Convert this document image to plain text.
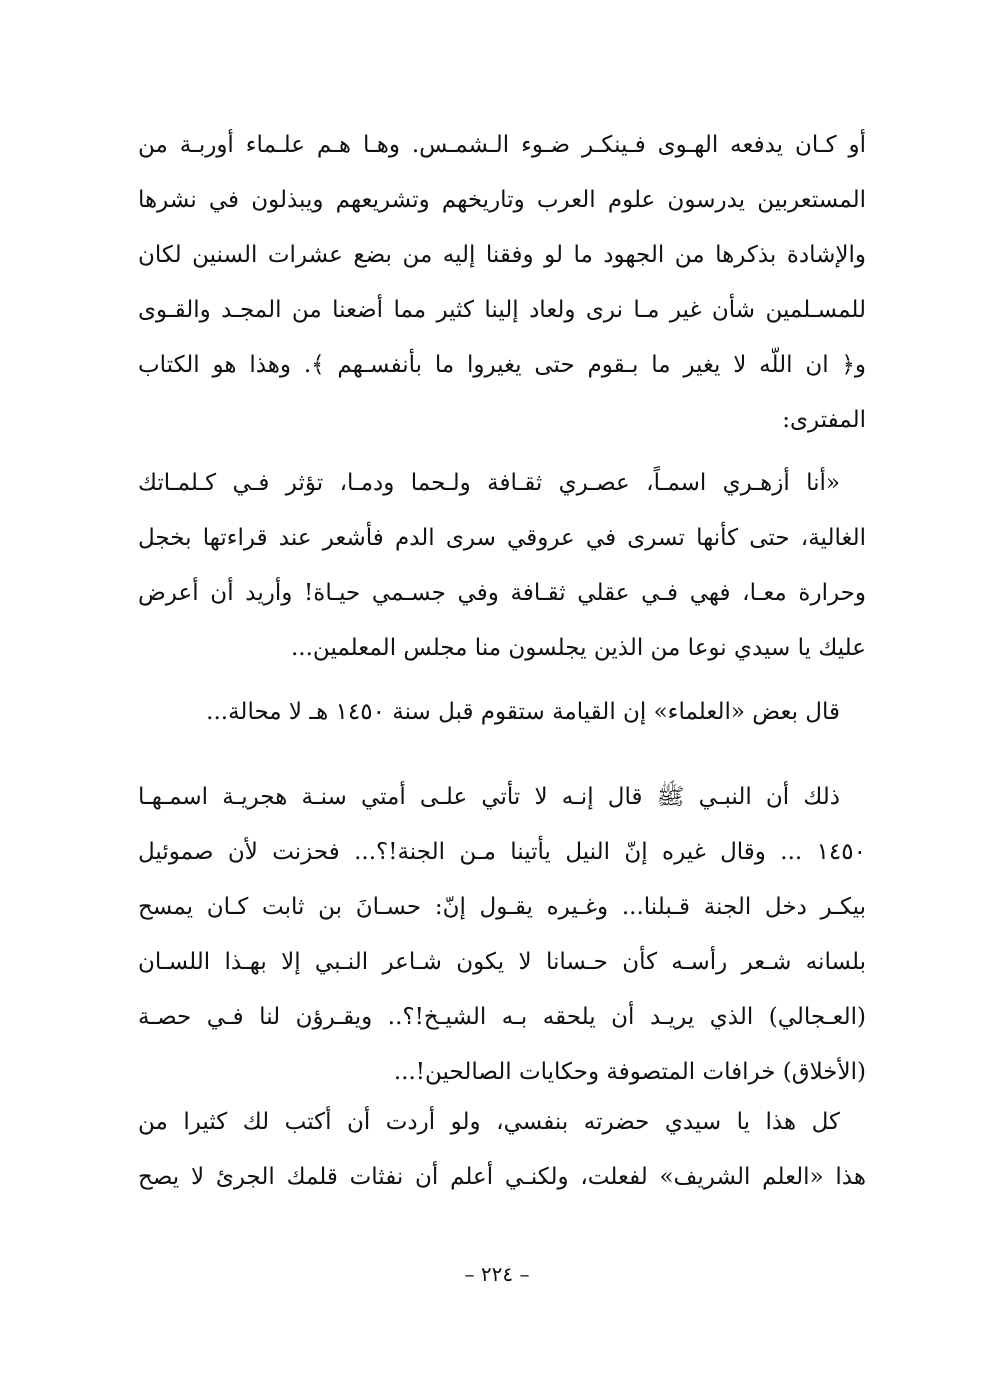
أو كـان يدفعه الهـوى فـينكـر ضـوء الـشمـس. وهـا هـم علـماء أوربـة من
المستعربين يدرسون علوم العرب وتاريخهم وتشريعهم ويبذلون في نشرها
والإشادة بذكرها من الجهود ما لو وفقنا إليه من بضع عشرات السنين لكان
للمسـلمين شأن غير مـا نرى ولعاد إلينا كثير مما أضعنا من المجـد والقـوى
و﴿ ان اللّه لا يغير ما بـقوم حتى يغيروا ما بأنفسـهم ﴾. وهذا هو الكتاب
المفترى:
«أنا أزهـري اسمـاً، عصـري ثقـافة ولـحما ودمـا، تؤثر فـي كـلمـاتك
الغالية، حتى كأنها تسرى في عروقي سرى الدم فأشعر عند قراءتها بخجل
وحرارة معـا، فهي فـي عقلي ثقـافة وفي جسـمي حيـاة! وأريد أن أعرض
عليك يا سيدي نوعا من الذين يجلسون منا مجلس المعلمين...
قال بعض «العلماء» إن القيامة ستقوم قبل سنة ١٤٥٠ هـ لا محالة...
ذلك أن النبـي ﷺ قال إنـه لا تأتي علـى أمتي سنـة هجريـة اسمـهـا
١٤٥٠ ... وقال غيره إنّ النيل يأتينا مـن الجنة!؟... فحزنت لأن صموئيل
بيكـر دخل الجنة قـبلنا... وغـيره يقـول إنّ: حسـانَ بن ثابت كـان يمسح
بلسانه شـعر رأسـه كأن حـسانا لا يكون شـاعر النـبي إلا بهـذا اللسـان
(العـجالي) الذي يريـد أن يلحقه بـه الشيـخ!؟.. ويقـرؤن لنا فـي حصـة
(الأخلاق) خرافات المتصوفة وحكايات الصالحين!...
كل هذا يا سيدي حضرته بنفسي، ولو أردت أن أكتب لك كثيرا من
هذا «العلم الشريف» لفعلت، ولكنـي أعلم أن نفثات قلمك الجرئ لا يصح
– ٢٢٤ –
